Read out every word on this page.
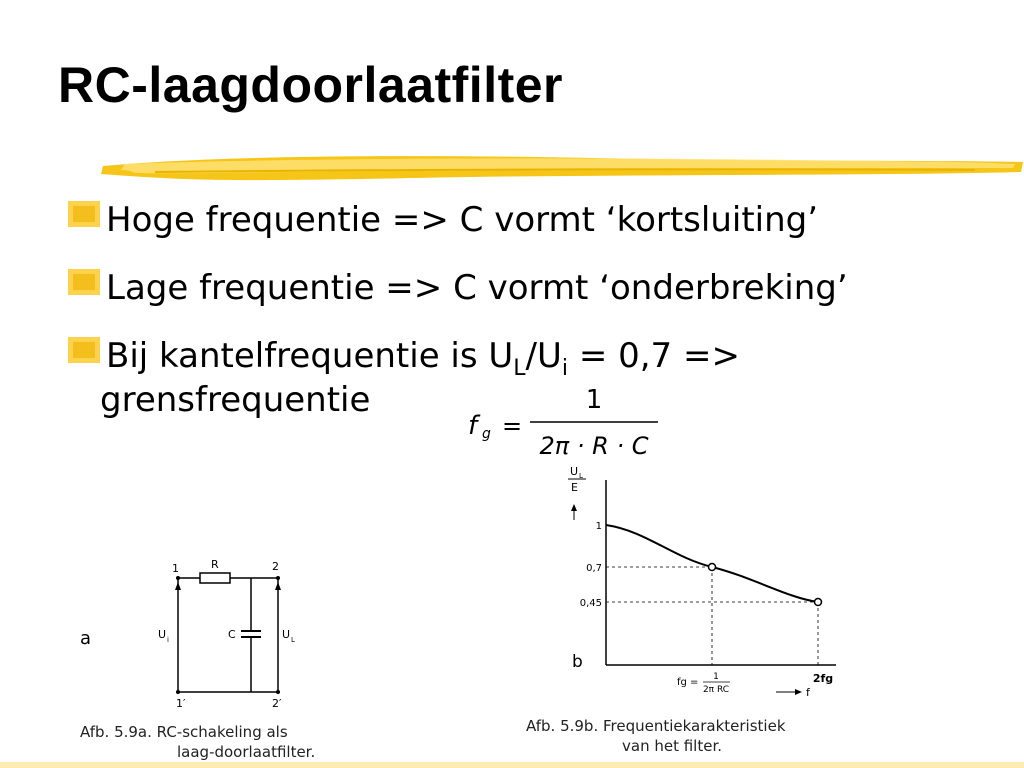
RC-laagdoorlaatfilter
Hoge frequentie => C vormt ‘kortsluiting’
Lage frequentie => C vormt ‘onderbreking’
Bij kantelfrequentie is $U_L/U_i = 0,7$ =>
grensfrequentie
f g =
1
2π · R · C
a
R
C
1	2
1′	2′
U i	U L
Afb. 5.9a. RC-schakeling als
laag-doorlaatfilter.
U L
E
b
1
0,7
0,45
fg = 1
2π RC
2fg
f
Afb. 5.9b. Frequentiekarakteristiek
van het filter.
